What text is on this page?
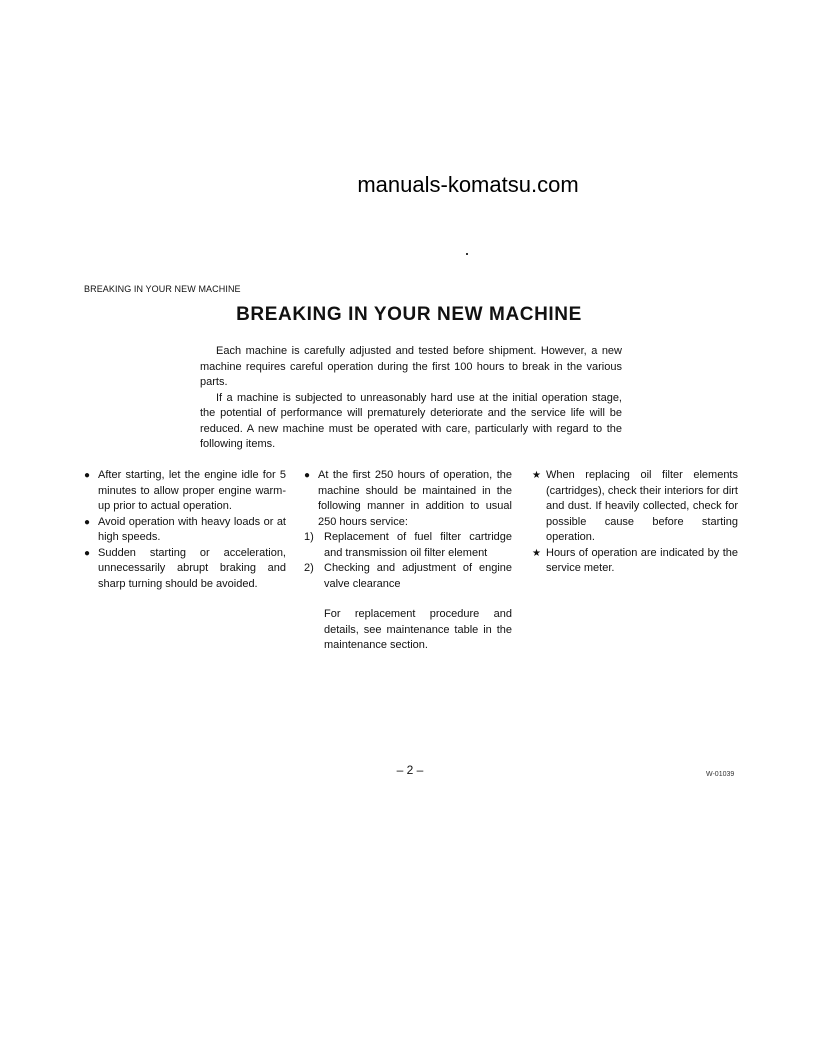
manuals-komatsu.com
BREAKING IN YOUR NEW MACHINE
BREAKING IN YOUR NEW MACHINE

Each machine is carefully adjusted and tested before shipment. However, a new machine requires careful operation during the first 100 hours to break in the various parts.

If a machine is subjected to unreasonably hard use at the initial operation stage, the potential of performance will prematurely deteriorate and the service life will be reduced. A new machine must be operated with care, particularly with regard to the following items.

● After starting, let the engine idle for 5 minutes to allow proper engine warm-up prior to actual operation.
● Avoid operation with heavy loads or at high speeds.
● Sudden starting or acceleration, unnecessarily abrupt braking and sharp turning should be avoided.
● At the first 250 hours of operation, the machine should be maintained in the following manner in addition to usual 250 hours service:
1) Replacement of fuel filter cartridge and transmission oil filter element
2) Checking and adjustment of engine valve clearance
For replacement procedure and details, see maintenance table in the maintenance section.
★ When replacing oil filter elements (cartridges), check their interiors for dirt and dust. If heavily collected, check for possible cause before starting operation.
★ Hours of operation are indicated by the service meter.
– 2 –	W-01039
